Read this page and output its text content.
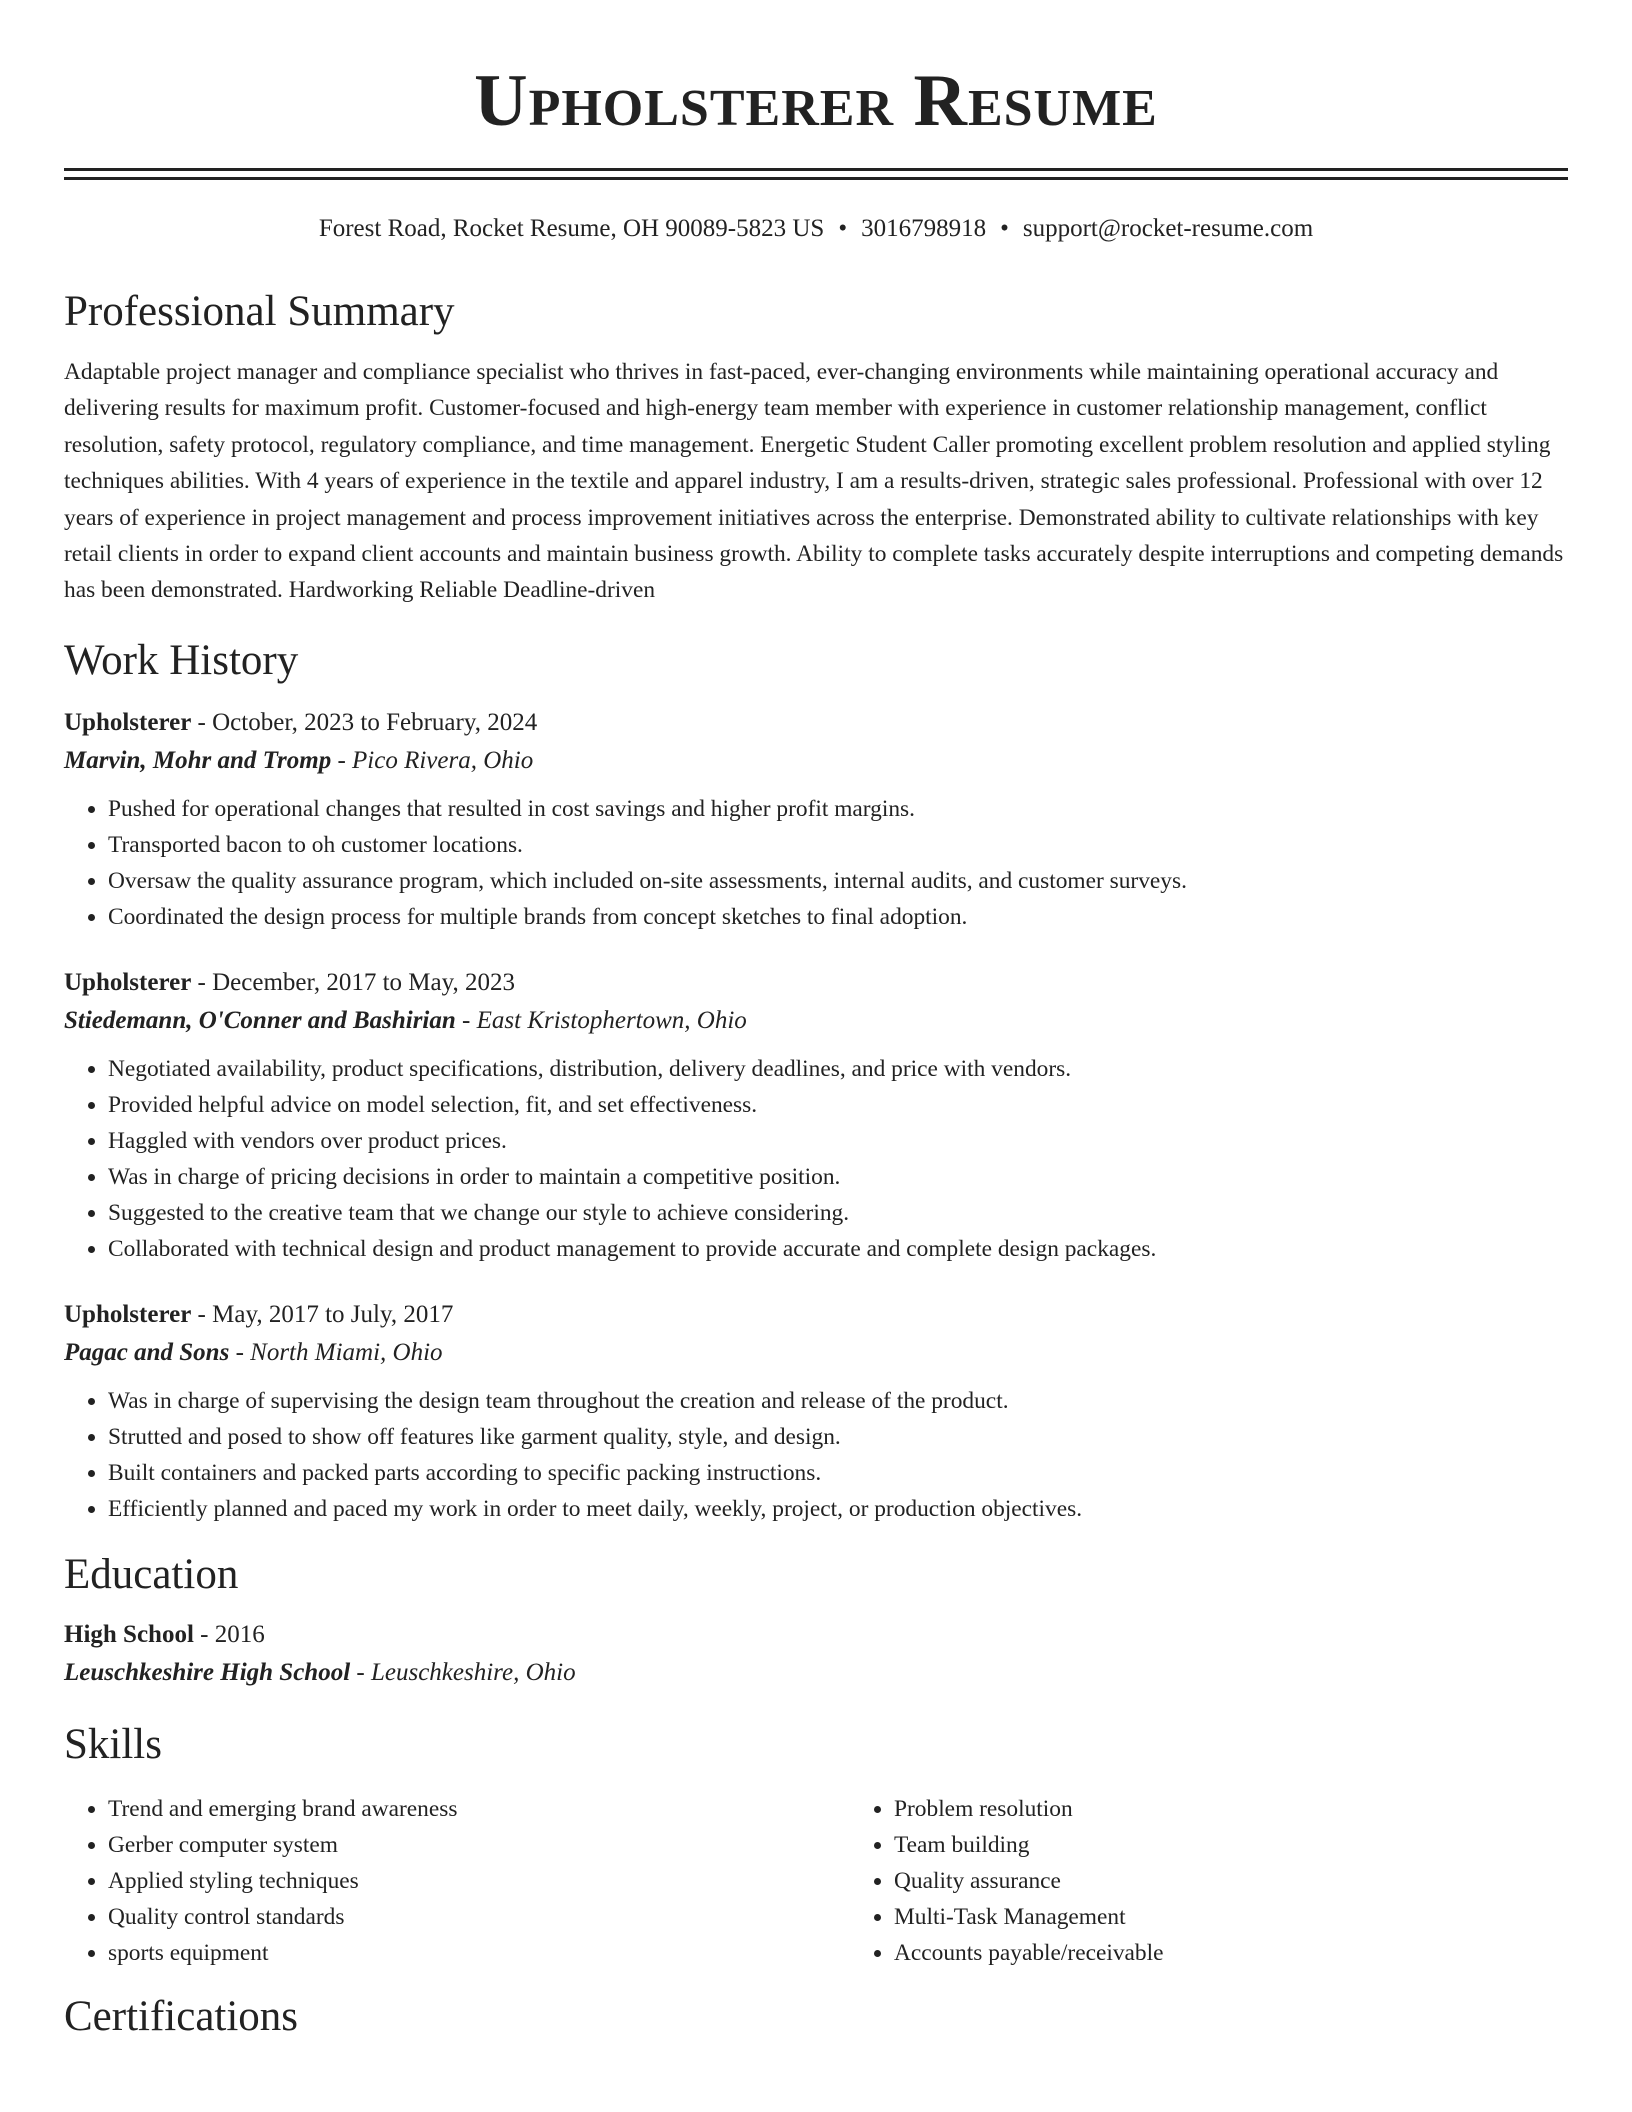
Upholsterer Resume
Forest Road, Rocket Resume, OH 90089-5823 US • 3016798918 • support@rocket-resume.com
Professional Summary

Adaptable project manager and compliance specialist who thrives in fast-paced, ever-changing environments while maintaining operational accuracy and delivering results for maximum profit. Customer-focused and high-energy team member with experience in customer relationship management, conflict resolution, safety protocol, regulatory compliance, and time management. Energetic Student Caller promoting excellent problem resolution and applied styling techniques abilities. With 4 years of experience in the textile and apparel industry, I am a results-driven, strategic sales professional. Professional with over 12 years of experience in project management and process improvement initiatives across the enterprise. Demonstrated ability to cultivate relationships with key retail clients in order to expand client accounts and maintain business growth. Ability to complete tasks accurately despite interruptions and competing demands has been demonstrated. Hardworking Reliable Deadline-driven

Work History
Upholsterer - October, 2023 to February, 2024
Marvin, Mohr and Tromp - Pico Rivera, Ohio
• Pushed for operational changes that resulted in cost savings and higher profit margins.
• Transported bacon to oh customer locations.
• Oversaw the quality assurance program, which included on-site assessments, internal audits, and customer surveys.
• Coordinated the design process for multiple brands from concept sketches to final adoption.
Upholsterer - December, 2017 to May, 2023
Stiedemann, O'Conner and Bashirian - East Kristophertown, Ohio
• Negotiated availability, product specifications, distribution, delivery deadlines, and price with vendors.
• Provided helpful advice on model selection, fit, and set effectiveness.
• Haggled with vendors over product prices.
• Was in charge of pricing decisions in order to maintain a competitive position.
• Suggested to the creative team that we change our style to achieve considering.
• Collaborated with technical design and product management to provide accurate and complete design packages.
Upholsterer - May, 2017 to July, 2017
Pagac and Sons - North Miami, Ohio
• Was in charge of supervising the design team throughout the creation and release of the product.
• Strutted and posed to show off features like garment quality, style, and design.
• Built containers and packed parts according to specific packing instructions.
• Efficiently planned and paced my work in order to meet daily, weekly, project, or production objectives.
Education
High School - 2016
Leuschkeshire High School - Leuschkeshire, Ohio
Skills
• Trend and emerging brand awareness
• Gerber computer system
• Applied styling techniques
• Quality control standards
• sports equipment
• Problem resolution
• Team building
• Quality assurance
• Multi-Task Management
• Accounts payable/receivable
Certifications
